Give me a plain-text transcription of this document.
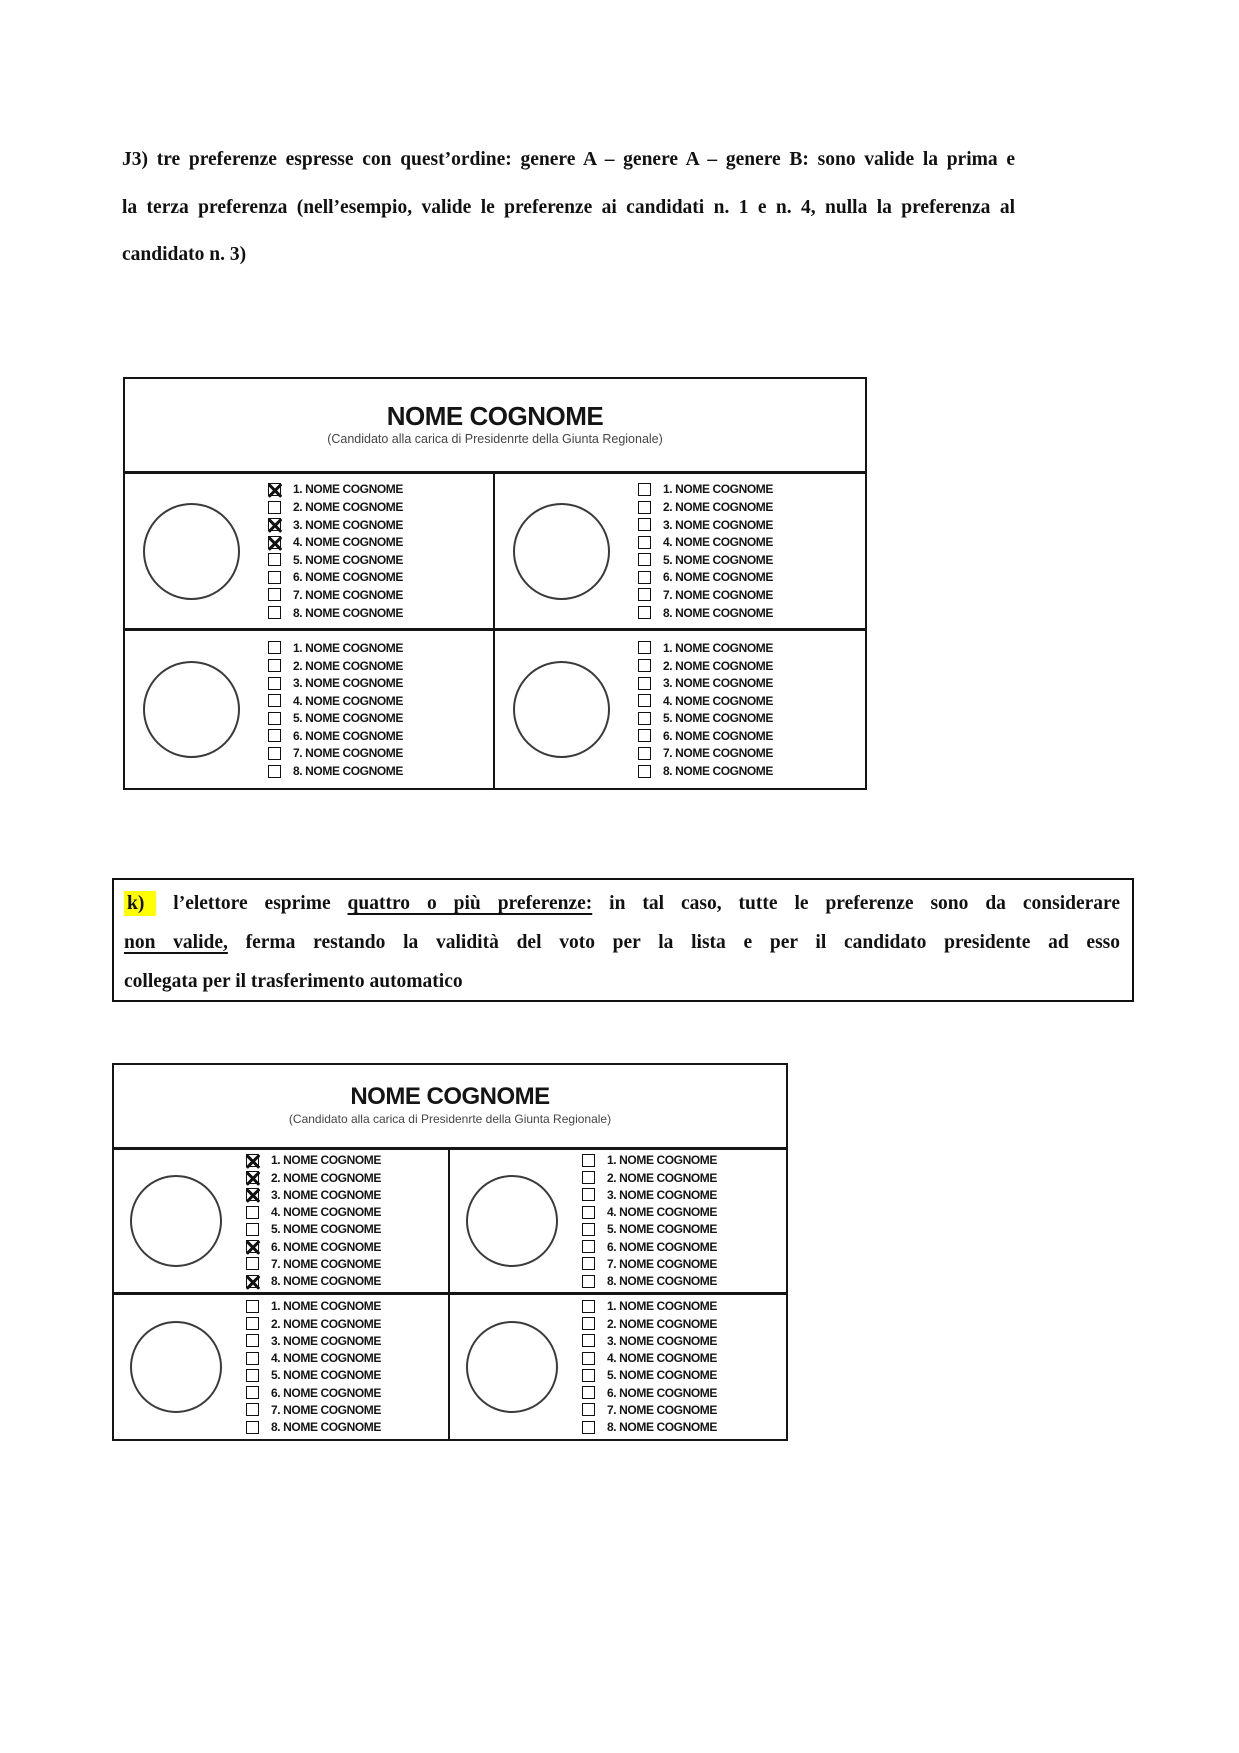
J3) tre preferenze espresse con quest’ordine: genere A – genere A – genere B: sono valide la prima e
la terza preferenza (nell’esempio, valide le preferenze ai candidati n. 1 e n. 4, nulla la preferenza al
candidato n. 3)
NOME COGNOME
(Candidato alla carica di Presidenrte della Giunta Regionale)
1. NOME COGNOME
2. NOME COGNOME
3. NOME COGNOME
4. NOME COGNOME
5. NOME COGNOME
6. NOME COGNOME
7. NOME COGNOME
8. NOME COGNOME
1. NOME COGNOME
2. NOME COGNOME
3. NOME COGNOME
4. NOME COGNOME
5. NOME COGNOME
6. NOME COGNOME
7. NOME COGNOME
8. NOME COGNOME
1. NOME COGNOME
2. NOME COGNOME
3. NOME COGNOME
4. NOME COGNOME
5. NOME COGNOME
6. NOME COGNOME
7. NOME COGNOME
8. NOME COGNOME
1. NOME COGNOME
2. NOME COGNOME
3. NOME COGNOME
4. NOME COGNOME
5. NOME COGNOME
6. NOME COGNOME
7. NOME COGNOME
8. NOME COGNOME
k) l’elettore esprime quattro o più preferenze: in tal caso, tutte le preferenze sono da considerare
non valide, ferma restando la validità del voto per la lista e per il candidato presidente ad esso
collegata per il trasferimento automatico
NOME COGNOME
(Candidato alla carica di Presidenrte della Giunta Regionale)
1. NOME COGNOME
2. NOME COGNOME
3. NOME COGNOME
4. NOME COGNOME
5. NOME COGNOME
6. NOME COGNOME
7. NOME COGNOME
8. NOME COGNOME
1. NOME COGNOME
2. NOME COGNOME
3. NOME COGNOME
4. NOME COGNOME
5. NOME COGNOME
6. NOME COGNOME
7. NOME COGNOME
8. NOME COGNOME
1. NOME COGNOME
2. NOME COGNOME
3. NOME COGNOME
4. NOME COGNOME
5. NOME COGNOME
6. NOME COGNOME
7. NOME COGNOME
8. NOME COGNOME
1. NOME COGNOME
2. NOME COGNOME
3. NOME COGNOME
4. NOME COGNOME
5. NOME COGNOME
6. NOME COGNOME
7. NOME COGNOME
8. NOME COGNOME
